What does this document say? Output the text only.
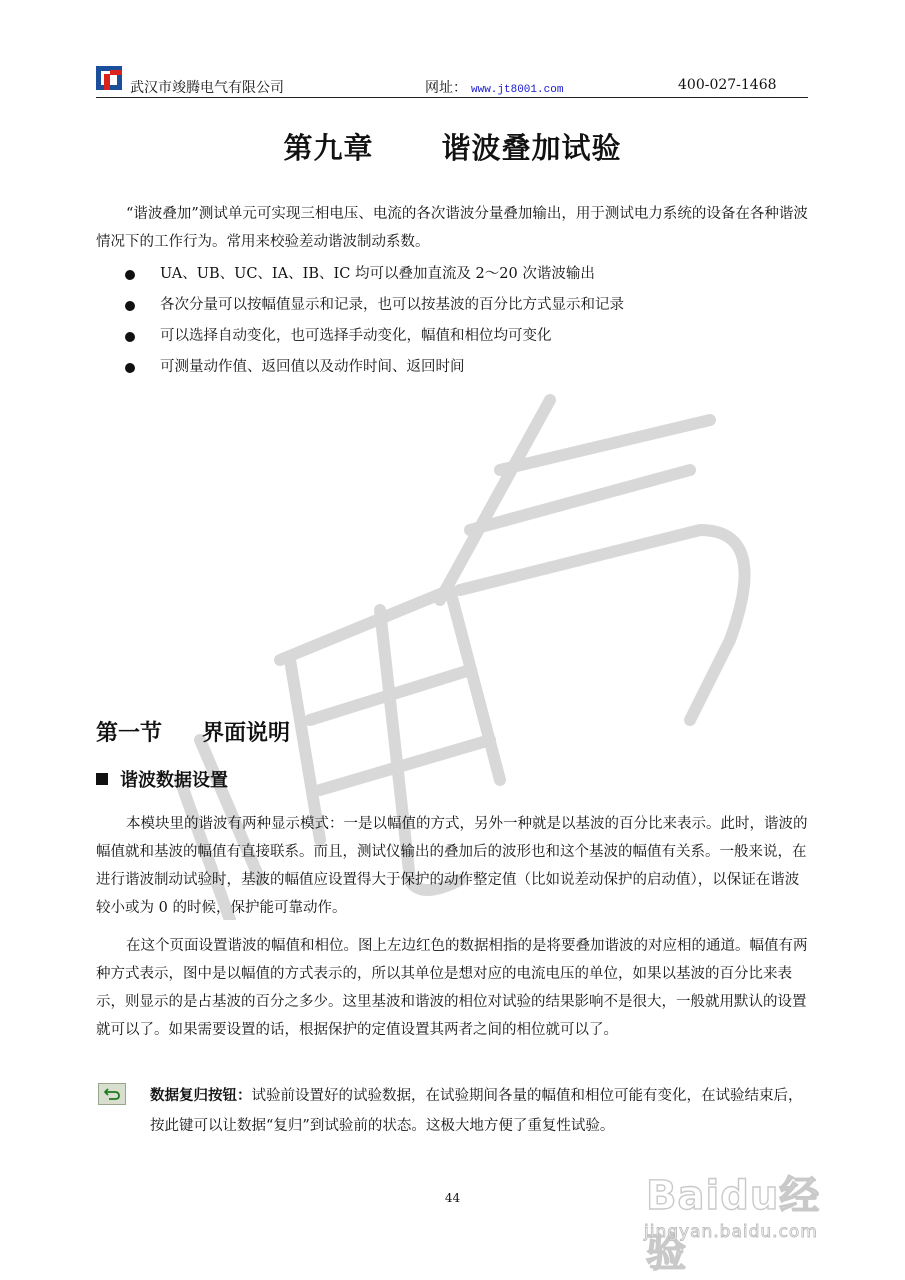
武汉市竣腾电气有限公司	网址： www.jt8001.com	400-027-1468
第九章 谐波叠加试验
“谐波叠加”测试单元可实现三相电压、电流的各次谐波分量叠加输出，用于测试电力系统的设备在各种谐波情况下的工作行为。常用来校验差动谐波制动系数。
UA、UB、UC、IA、IB、IC 均可以叠加直流及 2～20 次谐波输出
各次分量可以按幅值显示和记录，也可以按基波的百分比方式显示和记录
可以选择自动变化，也可选择手动变化，幅值和相位均可变化
可测量动作值、返回值以及动作时间、返回时间
第一节 界面说明
谐波数据设置
本模块里的谐波有两种显示模式：一是以幅值的方式，另外一种就是以基波的百分比来表示。此时，谐波的幅值就和基波的幅值有直接联系。而且，测试仪输出的叠加后的波形也和这个基波的幅值有关系。一般来说，在进行谐波制动试验时，基波的幅值应设置得大于保护的动作整定值（比如说差动保护的启动值），以保证在谐波较小或为 0 的时候，保护能可靠动作。
在这个页面设置谐波的幅值和相位。图上左边红色的数据相指的是将要叠加谐波的对应相的通道。幅值有两种方式表示，图中是以幅值的方式表示的，所以其单位是想对应的电流电压的单位，如果以基波的百分比来表示，则显示的是占基波的百分之多少。这里基波和谐波的相位对试验的结果影响不是很大，一般就用默认的设置就可以了。如果需要设置的话，根据保护的定值设置其两者之间的相位就可以了。
数据复归按钮：试验前设置好的试验数据，在试验期间各量的幅值和相位可能有变化，在试验结束后，按此键可以让数据“复归”到试验前的状态。这极大地方便了重复性试验。
44	Baidu经验
jingyan.baidu.com
